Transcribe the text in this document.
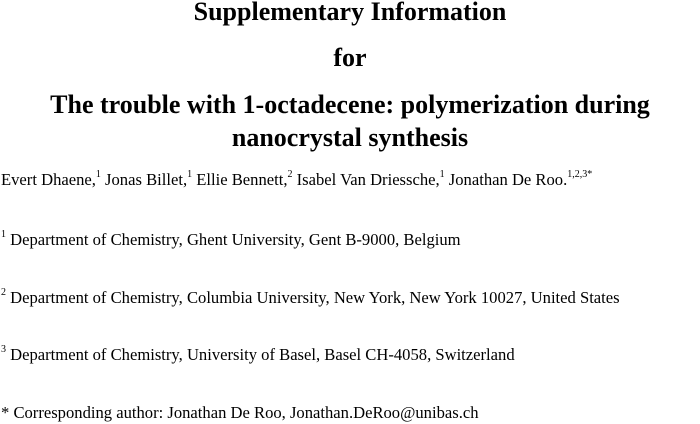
Supplementary Information
for
The trouble with 1-octadecene: polymerization during
nanocrystal synthesis
Evert Dhaene,$^1$ Jonas Billet,$^1$ Ellie Bennett,$^2$ Isabel Van Driessche,$^1$ Jonathan De Roo.$^{1,2,3*}$
$^1$ Department of Chemistry, Ghent University, Gent B-9000, Belgium
$^2$ Department of Chemistry, Columbia University, New York, New York 10027, United States
$^3$ Department of Chemistry, University of Basel, Basel CH-4058, Switzerland
* Corresponding author: Jonathan De Roo, Jonathan.DeRoo@unibas.ch
